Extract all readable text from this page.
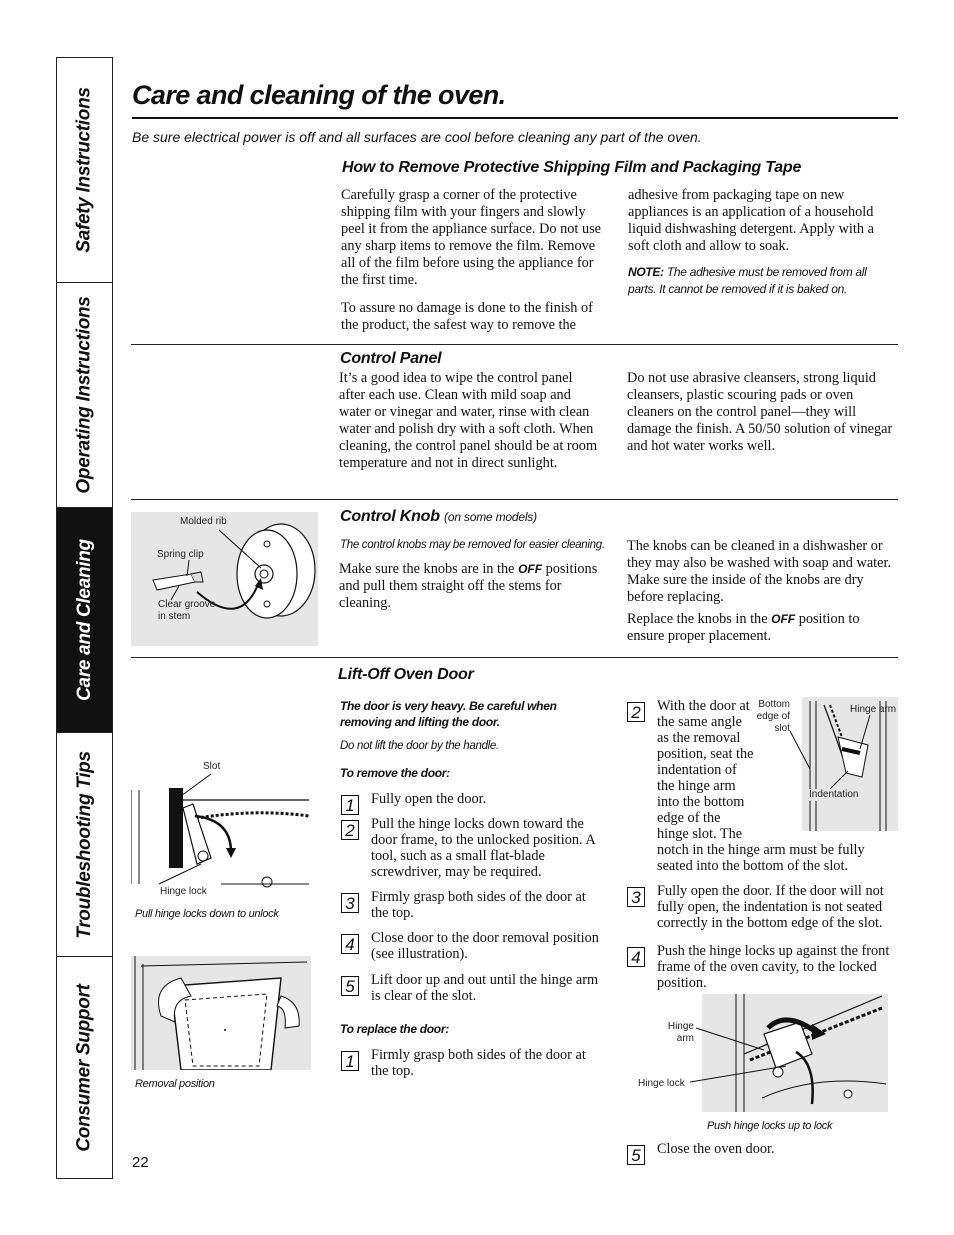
Safety Instructions
Operating Instructions
Care and Cleaning
Troubleshooting Tips
Consumer Support
Care and cleaning of the oven.
Be sure electrical power is off and all surfaces are cool before cleaning any part of the oven.
How to Remove Protective Shipping Film and Packaging Tape
Carefully grasp a corner of the protective shipping film with your fingers and slowly peel it from the appliance surface. Do not use any sharp items to remove the film. Remove all of the film before using the appliance for the first time.
To assure no damage is done to the finish of the product, the safest way to remove the
adhesive from packaging tape on new appliances is an application of a household liquid dishwashing detergent. Apply with a soft cloth and allow to soak.
NOTE: The adhesive must be removed from all parts. It cannot be removed if it is baked on.
Control Panel
It’s a good idea to wipe the control panel after each use. Clean with mild soap and water or vinegar and water, rinse with clean water and polish dry with a soft cloth. When cleaning, the control panel should be at room temperature and not in direct sunlight.
Do not use abrasive cleansers, strong liquid cleansers, plastic scouring pads or oven cleaners on the control panel—they will damage the finish. A 50/50 solution of vinegar and hot water works well.
Molded rib
Spring clip
Clear groove in stem
Control Knob (on some models)
The control knobs may be removed for easier cleaning.
Make sure the knobs are in the OFF positions and pull them straight off the stems for cleaning.
The knobs can be cleaned in a dishwasher or they may also be washed with soap and water. Make sure the inside of the knobs are dry before replacing.
Replace the knobs in the OFF position to ensure proper placement.
Lift-Off Oven Door
The door is very heavy. Be careful when removing and lifting the door.
Do not lift the door by the handle.
To remove the door:
1 Fully open the door.
2 Pull the hinge locks down toward the door frame, to the unlocked position. A tool, such as a small flat-blade screwdriver, may be required.
3 Firmly grasp both sides of the door at the top.
4 Close door to the door removal position (see illustration).
5 Lift door up and out until the hinge arm is clear of the slot.
To replace the door:
1 Firmly grasp both sides of the door at the top.
2 With the door at the same angle as the removal position, seat the indentation of the hinge arm into the bottom edge of the hinge slot. The notch in the hinge arm must be fully seated into the bottom of the slot.
3 Fully open the door. If the door will not fully open, the indentation is not seated correctly in the bottom edge of the slot.
4 Push the hinge locks up against the front frame of the oven cavity, to the locked position.
5 Close the oven door.
Slot
Hinge lock
Pull hinge locks down to unlock
Removal position
Bottom edge of slot
Hinge arm
Indentation
Hinge arm
Hinge lock
Push hinge locks up to lock
22
